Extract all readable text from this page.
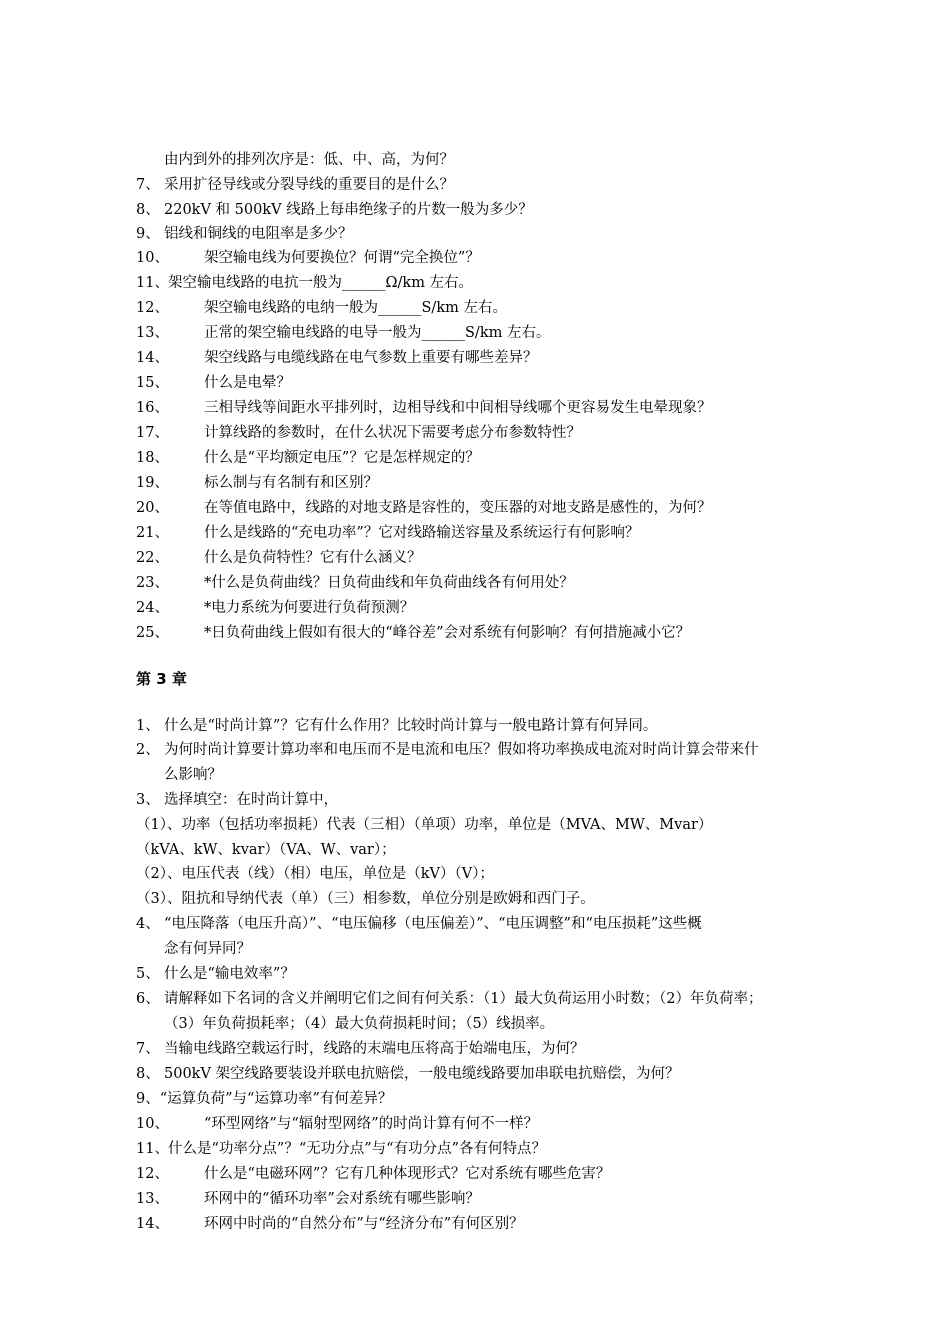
由内到外的排列次序是：低、中、高，为何？
7、 采用扩径导线或分裂导线的重要目的是什么？
8、 220kV 和 500kV 线路上每串绝缘子的片数一般为多少？
9、 铝线和铜线的电阻率是多少？
10、 架空输电线为何要换位？何谓“完全换位”？
11、架空输电线路的电抗一般为______Ω/km 左右。
12、 架空输电线路的电纳一般为______S/km 左右。
13、 正常的架空输电线路的电导一般为______S/km 左右。
14、 架空线路与电缆线路在电气参数上重要有哪些差异？
15、 什么是电晕？
16、 三相导线等间距水平排列时，边相导线和中间相导线哪个更容易发生电晕现象？
17、 计算线路的参数时，在什么状况下需要考虑分布参数特性？
18、 什么是“平均额定电压”？它是怎样规定的？
19、 标么制与有名制有和区别？
20、 在等值电路中，线路的对地支路是容性的，变压器的对地支路是感性的，为何？
21、 什么是线路的“充电功率”？它对线路输送容量及系统运行有何影响？
22、 什么是负荷特性？它有什么涵义？
23、 *什么是负荷曲线？日负荷曲线和年负荷曲线各有何用处？
24、 *电力系统为何要进行负荷预测？
25、 *日负荷曲线上假如有很大的“峰谷差”会对系统有何影响？有何措施减小它？
第 3 章
1、 什么是“时尚计算”？它有什么作用？比较时尚计算与一般电路计算有何异同。
2、 为何时尚计算要计算功率和电压而不是电流和电压？假如将功率换成电流对时尚计算会带来什
么影响？
3、 选择填空：在时尚计算中，
（1）、功率（包括功率损耗）代表（三相）（单项）功率，单位是（MVA、MW、Mvar）
（kVA、kW、kvar）（VA、W、var）；
（2）、电压代表（线）（相）电压，单位是（kV）（V）；
（3）、阻抗和导纳代表（单）（三）相参数，单位分别是欧姆和西门子。
4、 “电压降落（电压升高）”、“电压偏移（电压偏差）”、“电压调整”和“电压损耗”这些概
念有何异同？
5、 什么是“输电效率”？
6、 请解释如下名词的含义并阐明它们之间有何关系：（1）最大负荷运用小时数；（2）年负荷率；
（3）年负荷损耗率；（4）最大负荷损耗时间；（5）线损率。
7、 当输电线路空载运行时，线路的末端电压将高于始端电压，为何？
8、 500kV 架空线路要装设并联电抗赔偿，一般电缆线路要加串联电抗赔偿，为何？
9、“运算负荷”与“运算功率”有何差异？
10、 “环型网络”与“辐射型网络”的时尚计算有何不一样？
11、什么是“功率分点”？“无功分点”与“有功分点”各有何特点？
12、 什么是“电磁环网”？它有几种体现形式？它对系统有哪些危害？
13、 环网中的“循环功率”会对系统有哪些影响？
14、 环网中时尚的“自然分布”与“经济分布”有何区别？
